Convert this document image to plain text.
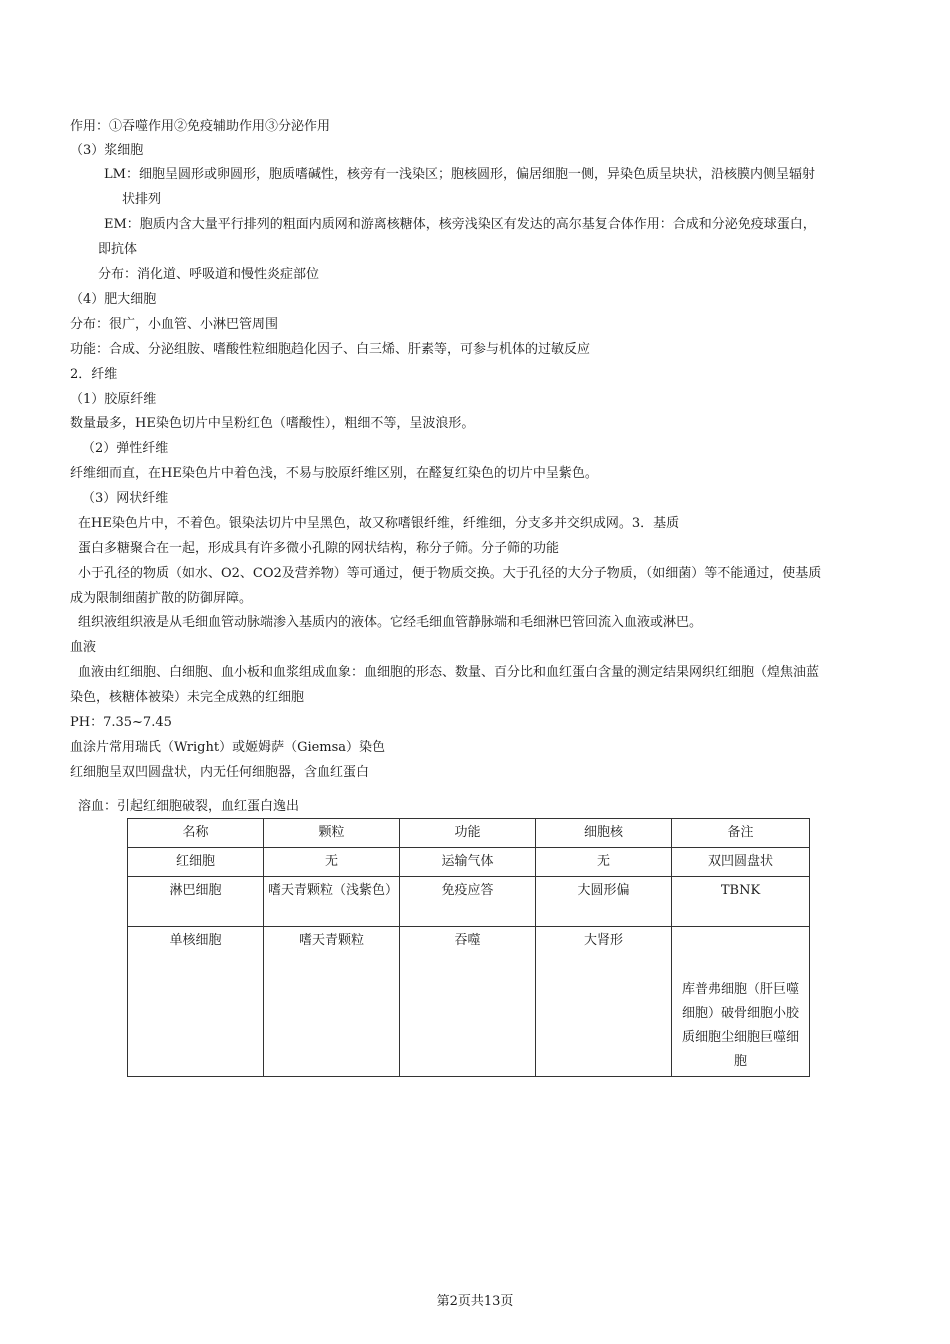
作用：①吞噬作用②免疫辅助作用③分泌作用
（3）浆细胞
LM：细胞呈圆形或卵圆形，胞质嗜碱性，核旁有一浅染区；胞核圆形，偏居细胞一侧，异染色质呈块状，沿核膜内侧呈辐射
状排列
EM：胞质内含大量平行排列的粗面内质网和游离核糖体，核旁浅染区有发达的高尔基复合体作用：合成和分泌免疫球蛋白，
即抗体
分布：消化道、呼吸道和慢性炎症部位
（4）肥大细胞
分布：很广，小血管、小淋巴管周围
功能：合成、分泌组胺、嗜酸性粒细胞趋化因子、白三烯、肝素等，可参与机体的过敏反应
2．纤维
（1）胶原纤维
数量最多，HE染色切片中呈粉红色（嗜酸性），粗细不等，呈波浪形。
（2）弹性纤维
纤维细而直，在HE染色片中着色浅，不易与胶原纤维区别，在醛复红染色的切片中呈紫色。
（3）网状纤维
在HE染色片中，不着色。银染法切片中呈黑色，故又称嗜银纤维，纤维细，分支多并交织成网。3．基质
蛋白多糖聚合在一起，形成具有许多微小孔隙的网状结构，称分子筛。分子筛的功能
小于孔径的物质（如水、O2、CO2及营养物）等可通过，便于物质交换。大于孔径的大分子物质，（如细菌）等不能通过，使基质
成为限制细菌扩散的防御屏障。
组织液组织液是从毛细血管动脉端渗入基质内的液体。它经毛细血管静脉端和毛细淋巴管回流入血液或淋巴。
血液
血液由红细胞、白细胞、血小板和血浆组成血象：血细胞的形态、数量、百分比和血红蛋白含量的测定结果网织红细胞（煌焦油蓝
染色，核糖体被染）未完全成熟的红细胞
PH：7.35~7.45
血涂片常用瑞氏（Wright）或姬姆萨（Giemsa）染色
红细胞呈双凹圆盘状，内无任何细胞器，含血红蛋白
溶血：引起红细胞破裂，血红蛋白逸出
名称	颗粒	功能	细胞核	备注
红细胞	无	运输气体	无	双凹圆盘状
淋巴细胞	嗜天青颗粒（浅紫色）	免疫应答	大圆形偏	TBNK
单核细胞	嗜天青颗粒	吞噬	大肾形	库普弗细胞（肝巨噬细胞）破骨细胞小胶质细胞尘细胞巨噬细胞
第2页共13页
